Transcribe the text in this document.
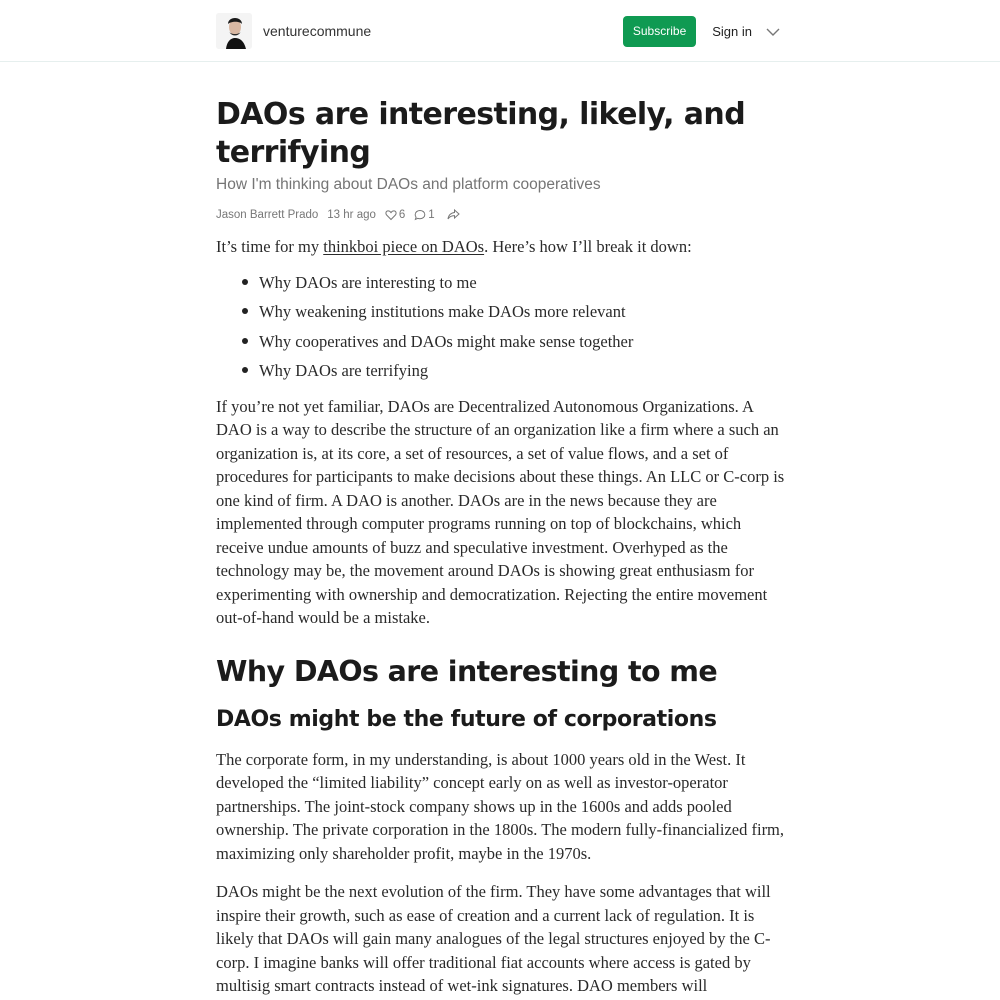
venturecommune	Subscribe	Sign in
DAOs are interesting, likely, and terrifying
How I'm thinking about DAOs and platform cooperatives
Jason Barrett Prado 13 hr ago 6 1

It’s time for my thinkboi piece on DAOs. Here’s how I’ll break it down:

Why DAOs are interesting to me
Why weakening institutions make DAOs more relevant
Why cooperatives and DAOs might make sense together
Why DAOs are terrifying

If you’re not yet familiar, DAOs are Decentralized Autonomous Organizations. A DAO is a way to describe the structure of an organization like a firm where a such an organization is, at its core, a set of resources, a set of value flows, and a set of procedures for participants to make decisions about these things. An LLC or C-corp is one kind of firm. A DAO is another. DAOs are in the news because they are implemented through computer programs running on top of blockchains, which receive undue amounts of buzz and speculative investment. Overhyped as the technology may be, the movement around DAOs is showing great enthusiasm for experimenting with ownership and democratization. Rejecting the entire movement out-of-hand would be a mistake.

Why DAOs are interesting to me
DAOs might be the future of corporations

The corporate form, in my understanding, is about 1000 years old in the West. It developed the “limited liability” concept early on as well as investor-operator partnerships. The joint-stock company shows up in the 1600s and adds pooled ownership. The private corporation in the 1800s. The modern fully-financialized firm, maximizing only shareholder profit, maybe in the 1970s.

DAOs might be the next evolution of the firm. They have some advantages that will inspire their growth, such as ease of creation and a current lack of regulation. It is likely that DAOs will gain many analogues of the legal structures enjoyed by the C-corp. I imagine banks will offer traditional fiat accounts where access is gated by multisig smart contracts instead of wet-ink signatures. DAO members will
